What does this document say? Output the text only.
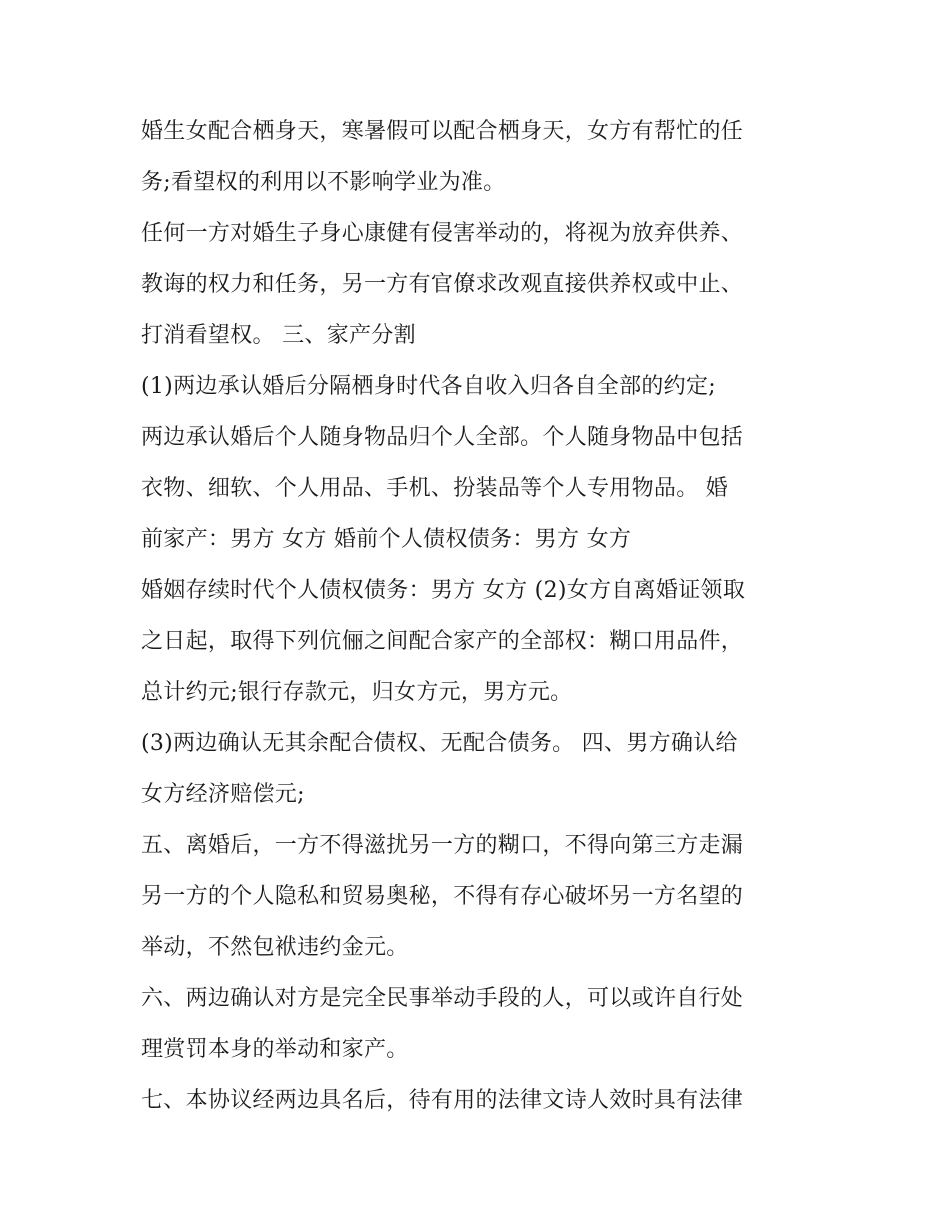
婚生女配合栖身天，寒暑假可以配合栖身天，女方有帮忙的任
务;看望权的利用以不影响学业为准。
任何一方对婚生子身心康健有侵害举动的，将视为放弃供养、
教诲的权力和任务，另一方有官僚求改观直接供养权或中止、
打消看望权。 三、家产分割
(1)两边承认婚后分隔栖身时代各自收入归各自全部的约定;
两边承认婚后个人随身物品归个人全部。个人随身物品中包括
衣物、细软、个人用品、手机、扮装品等个人专用物品。 婚
前家产：男方 女方 婚前个人债权债务：男方 女方
婚姻存续时代个人债权债务：男方 女方 (2)女方自离婚证领取
之日起，取得下列伉俪之间配合家产的全部权：糊口用品件，
总计约元;银行存款元，归女方元，男方元。
(3)两边确认无其余配合债权、无配合债务。 四、男方确认给
女方经济赔偿元;
五、离婚后，一方不得滋扰另一方的糊口，不得向第三方走漏
另一方的个人隐私和贸易奥秘，不得有存心破坏另一方名望的
举动，不然包袱违约金元。
六、两边确认对方是完全民事举动手段的人，可以或许自行处
理赏罚本身的举动和家产。
七、本协议经两边具名后，待有用的法律文诗人效时具有法律
